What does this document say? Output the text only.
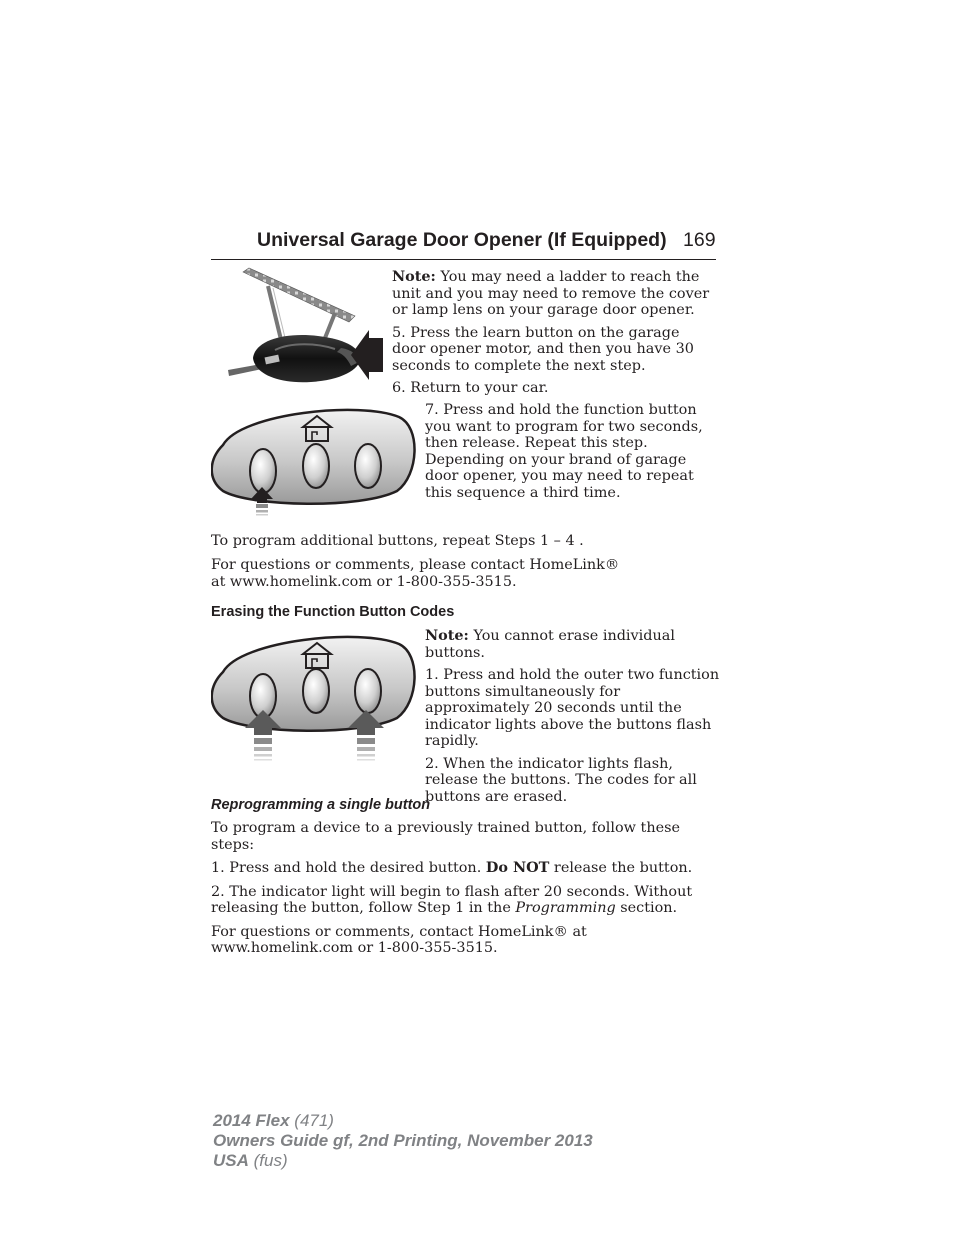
Universal Garage Door Opener (If Equipped) 169

Note: You may need a ladder to reach the unit and you may need to remove the cover or lamp lens on your garage door opener.

5. Press the learn button on the garage door opener motor, and then you have 30 seconds to complete the next step.

6. Return to your car.

7. Press and hold the function button you want to program for two seconds, then release. Repeat this step. Depending on your brand of garage door opener, you may need to repeat this sequence a third time.

To program additional buttons, repeat Steps 1 – 4 .

For questions or comments, please contact HomeLink® at www.homelink.com or 1-800-355-3515.

Erasing the Function Button Codes

Note: You cannot erase individual buttons.

1. Press and hold the outer two function buttons simultaneously for approximately 20 seconds until the indicator lights above the buttons flash rapidly.

2. When the indicator lights flash, release the buttons. The codes for all buttons are erased.

Reprogramming a single button

To program a device to a previously trained button, follow these steps:

1. Press and hold the desired button. Do NOT release the button.

2. The indicator light will begin to flash after 20 seconds. Without releasing the button, follow Step 1 in the Programming section.

For questions or comments, contact HomeLink® at www.homelink.com or 1-800-355-3515.

2014 Flex (471)
Owners Guide gf, 2nd Printing, November 2013
USA (fus)
